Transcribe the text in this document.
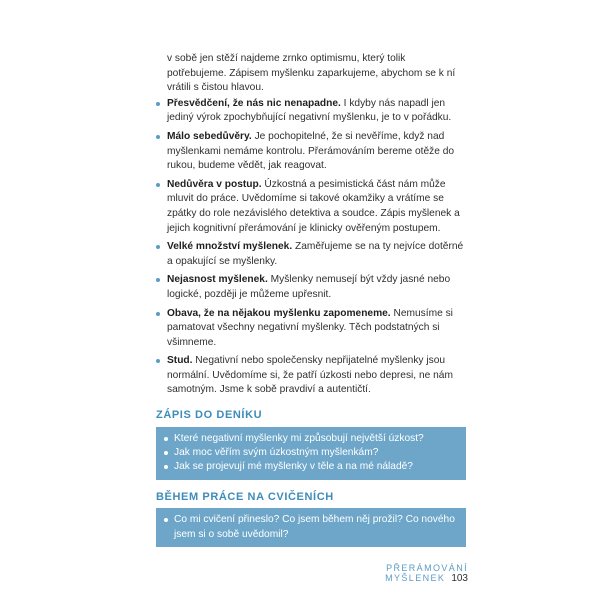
v sobě jen stěží najdeme zrnko optimismu, který tolik potřebujeme. Zápisem myšlenku zaparkujeme, abychom se k ní vrátili s čistou hlavou.

Přesvědčení, že nás nic nenapadne. I kdyby nás napadl jen jediný výrok zpochybňující negativní myšlenku, je to v pořádku.
Málo sebedůvěry. Je pochopitelné, že si nevěříme, když nad myšlenkami nemáme kontrolu. Přerámováním bereme otěže do rukou, budeme vědět, jak reagovat.
Nedůvěra v postup. Úzkostná a pesimistická část nám může mluvit do práce. Uvědomíme si takové okamžiky a vrátíme se zpátky do role nezávislého detektiva a soudce. Zápis myšlenek a jejich kognitivní přerámování je klinicky ověřeným postupem.
Velké množství myšlenek. Zaměřujeme se na ty nejvíce dotěrné a opakující se myšlenky.
Nejasnost myšlenek. Myšlenky nemusejí být vždy jasné nebo logické, později je můžeme upřesnit.
Obava, že na nějakou myšlenku zapomeneme. Nemusíme si pamatovat všechny negativní myšlenky. Těch podstatných si všimneme.
Stud. Negativní nebo společensky nepřijatelné myšlenky jsou normální. Uvědomíme si, že patří úzkosti nebo depresi, ne nám samotným. Jsme k sobě pravdiví a autentičtí.
ZÁPIS DO DENÍKU
Které negativní myšlenky mi způsobují největší úzkost?
Jak moc věřím svým úzkostným myšlenkám?
Jak se projevují mé myšlenky v těle a na mé náladě?
BĚHEM PRÁCE NA CVIČENÍCH
Co mi cvičení přineslo? Co jsem během něj prožil? Co nového jsem si o sobě uvědomil?
PŘERÁMOVÁNÍ MYŠLENEK 103
